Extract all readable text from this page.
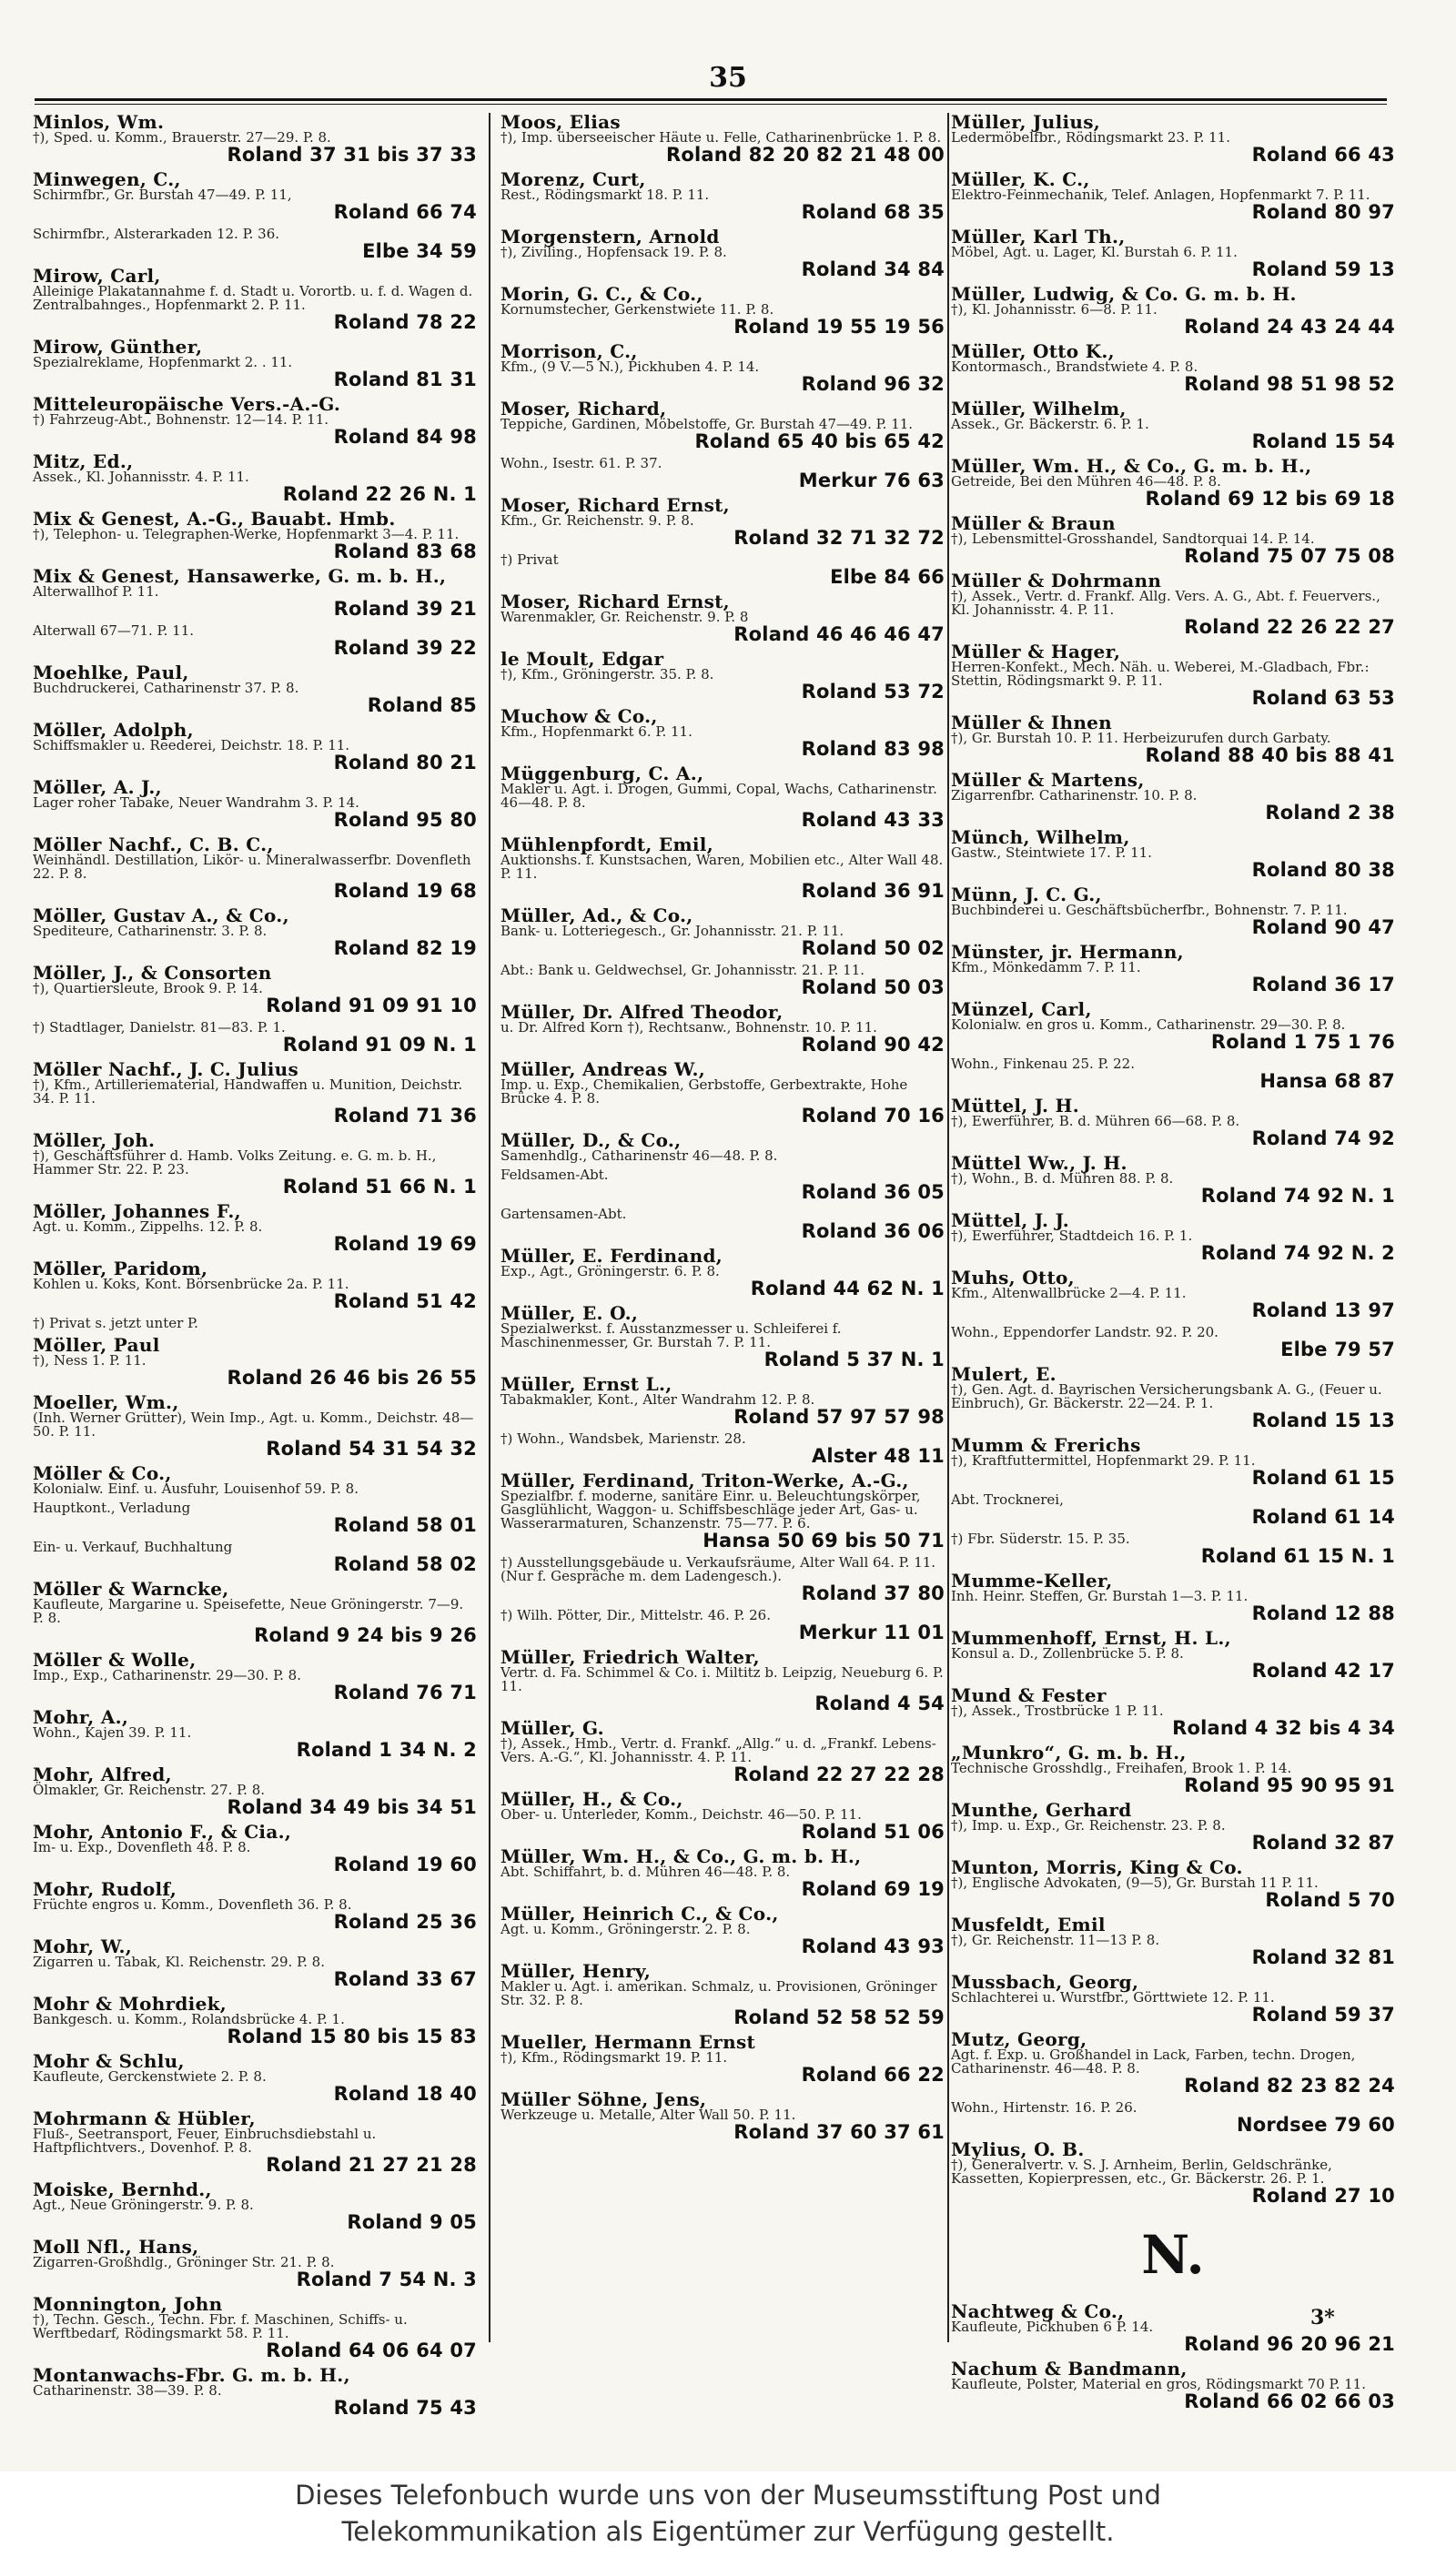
35
Minlos, Wm.
†), Sped. u. Komm., Brauerstr. 27—29. P. 8.
Roland 37 31 bis 37 33
Minwegen, C.,
Schirmfbr., Gr. Burstah 47—49. P. 11,
Roland 66 74
Schirmfbr., Alsterarkaden 12. P. 36.
Elbe 34 59
Mirow, Carl,
Alleinige Plakatannahme f. d. Stadt u. Vorortb. u. f. d. Wagen d. Zentralbahnges., Hopfenmarkt 2. P. 11.
Roland 78 22
Mirow, Günther,
Spezialreklame, Hopfenmarkt 2. . 11.
Roland 81 31
Mitteleuropäische Vers.-A.-G.
†) Fahrzeug-Abt., Bohnenstr. 12—14. P. 11.
Roland 84 98
Mitz, Ed.,
Assek., Kl. Johannisstr. 4. P. 11.
Roland 22 26 N. 1
Mix & Genest, A.-G., Bauabt. Hmb.
†), Telephon- u. Telegraphen-Werke, Hopfenmarkt 3—4. P. 11.
Roland 83 68
Mix & Genest, Hansawerke, G. m. b. H.,
Alterwallhof P. 11.
Roland 39 21
Alterwall 67—71. P. 11.
Roland 39 22
Moehlke, Paul,
Buchdruckerei, Catharinenstr 37. P. 8.
Roland 85
Möller, Adolph,
Schiffsmakler u. Reederei, Deichstr. 18. P. 11.
Roland 80 21
Möller, A. J.,
Lager roher Tabake, Neuer Wandrahm 3. P. 14.
Roland 95 80
Möller Nachf., C. B. C.,
Weinhändl. Destillation, Likör- u. Mineralwasserfbr. Dovenfleth 22. P. 8.
Roland 19 68
Möller, Gustav A., & Co.,
Spediteure, Catharinenstr. 3. P. 8.
Roland 82 19
Möller, J., & Consorten
†), Quartiersleute, Brook 9. P. 14.
Roland 91 09 91 10
†) Stadtlager, Danielstr. 81—83. P. 1.
Roland 91 09 N. 1
Möller Nachf., J. C. Julius
†), Kfm., Artilleriematerial, Handwaffen u. Munition, Deichstr. 34. P. 11.
Roland 71 36
Möller, Joh.
†), Geschäftsführer d. Hamb. Volks Zeitung. e. G. m. b. H., Hammer Str. 22. P. 23.
Roland 51 66 N. 1
Möller, Johannes F.,
Agt. u. Komm., Zippelhs. 12. P. 8.
Roland 19 69
Möller, Paridom,
Kohlen u. Koks, Kont. Börsenbrücke 2a. P. 11.
Roland 51 42
†) Privat s. jetzt unter P.
Möller, Paul
†), Ness 1. P. 11.
Roland 26 46 bis 26 55
Moeller, Wm.,
(Inh. Werner Grütter), Wein Imp., Agt. u. Komm., Deichstr. 48—50. P. 11.
Roland 54 31 54 32
Möller & Co.,
Kolonialw. Einf. u. Ausfuhr, Louisenhof 59. P. 8.
Hauptkont., Verladung
Roland 58 01
Ein- u. Verkauf, Buchhaltung
Roland 58 02
Möller & Warncke,
Kaufleute, Margarine u. Speisefette, Neue Gröningerstr. 7—9. P. 8.
Roland 9 24 bis 9 26
Möller & Wolle,
Imp., Exp., Catharinenstr. 29—30. P. 8.
Roland 76 71
Mohr, A.,
Wohn., Kajen 39. P. 11.
Roland 1 34 N. 2
Mohr, Alfred,
Ölmakler, Gr. Reichenstr. 27. P. 8.
Roland 34 49 bis 34 51
Mohr, Antonio F., & Cia.,
Im- u. Exp., Dovenfleth 48. P. 8.
Roland 19 60
Mohr, Rudolf,
Früchte engros u. Komm., Dovenfleth 36. P. 8.
Roland 25 36
Mohr, W.,
Zigarren u. Tabak, Kl. Reichenstr. 29. P. 8.
Roland 33 67
Mohr & Mohrdiek,
Bankgesch. u. Komm., Rolandsbrücke 4. P. 1.
Roland 15 80 bis 15 83
Mohr & Schlu,
Kaufleute, Gerckenstwiete 2. P. 8.
Roland 18 40
Mohrmann & Hübler,
Fluß-, Seetransport, Feuer, Einbruchsdiebstahl u. Haftpflichtvers., Dovenhof. P. 8.
Roland 21 27 21 28
Moiske, Bernhd.,
Agt., Neue Gröningerstr. 9. P. 8.
Roland 9 05
Moll Nfl., Hans,
Zigarren-Großhdlg., Gröninger Str. 21. P. 8.
Roland 7 54 N. 3
Monnington, John
†), Techn. Gesch., Techn. Fbr. f. Maschinen, Schiffs- u. Werftbedarf, Rödingsmarkt 58. P. 11.
Roland 64 06 64 07
Montanwachs-Fbr. G. m. b. H.,
Catharinenstr. 38—39. P. 8.
Roland 75 43
Moos, Elias
†), Imp. überseeischer Häute u. Felle, Catharinenbrücke 1. P. 8.
Roland 82 20 82 21 48 00
Morenz, Curt,
Rest., Rödingsmarkt 18. P. 11.
Roland 68 35
Morgenstern, Arnold
†), Ziviling., Hopfensack 19. P. 8.
Roland 34 84
Morin, G. C., & Co.,
Kornumstecher, Gerkenstwiete 11. P. 8.
Roland 19 55 19 56
Morrison, C.,
Kfm., (9 V.—5 N.), Pickhuben 4. P. 14.
Roland 96 32
Moser, Richard,
Teppiche, Gardinen, Möbelstoffe, Gr. Burstah 47—49. P. 11.
Roland 65 40 bis 65 42
Wohn., Isestr. 61. P. 37.
Merkur 76 63
Moser, Richard Ernst,
Kfm., Gr. Reichenstr. 9. P. 8.
Roland 32 71 32 72
†) Privat
Elbe 84 66
Moser, Richard Ernst,
Warenmakler, Gr. Reichenstr. 9. P. 8
Roland 46 46 46 47
le Moult, Edgar
†), Kfm., Gröningerstr. 35. P. 8.
Roland 53 72
Muchow & Co.,
Kfm., Hopfenmarkt 6. P. 11.
Roland 83 98
Müggenburg, C. A.,
Makler u. Agt. i. Drogen, Gummi, Copal, Wachs, Catharinenstr. 46—48. P. 8.
Roland 43 33
Mühlenpfordt, Emil,
Auktionshs. f. Kunstsachen, Waren, Mobilien etc., Alter Wall 48. P. 11.
Roland 36 91
Müller, Ad., & Co.,
Bank- u. Lotteriegesch., Gr. Johannisstr. 21. P. 11.
Roland 50 02
Abt.: Bank u. Geldwechsel, Gr. Johannisstr. 21. P. 11.
Roland 50 03
Müller, Dr. Alfred Theodor,
u. Dr. Alfred Korn †), Rechtsanw., Bohnenstr. 10. P. 11.
Roland 90 42
Müller, Andreas W.,
Imp. u. Exp., Chemikalien, Gerbstoffe, Gerbextrakte, Hohe Brücke 4. P. 8.
Roland 70 16
Müller, D., & Co.,
Samenhdlg., Catharinenstr 46—48. P. 8.
Feldsamen-Abt.
Roland 36 05
Gartensamen-Abt.
Roland 36 06
Müller, E. Ferdinand,
Exp., Agt., Gröningerstr. 6. P. 8.
Roland 44 62 N. 1
Müller, E. O.,
Spezialwerkst. f. Ausstanzmesser u. Schleiferei f. Maschinenmesser, Gr. Burstah 7. P. 11.
Roland 5 37 N. 1
Müller, Ernst L.,
Tabakmakler, Kont., Alter Wandrahm 12. P. 8.
Roland 57 97 57 98
†) Wohn., Wandsbek, Marienstr. 28.
Alster 48 11
Müller, Ferdinand, Triton-Werke, A.-G.,
Spezialfbr. f. moderne, sanitäre Einr. u. Beleuchtungskörper, Gasglühlicht, Waggon- u. Schiffsbeschläge jeder Art, Gas- u. Wasserarmaturen, Schanzenstr. 75—77. P. 6.
Hansa 50 69 bis 50 71
†) Ausstellungsgebäude u. Verkaufsräume, Alter Wall 64. P. 11. (Nur f. Gespräche m. dem Ladengesch.).
Roland 37 80
†) Wilh. Pötter, Dir., Mittelstr. 46. P. 26.
Merkur 11 01
Müller, Friedrich Walter,
Vertr. d. Fa. Schimmel & Co. i. Miltitz b. Leipzig, Neueburg 6. P. 11.
Roland 4 54
Müller, G.
†), Assek., Hmb., Vertr. d. Frankf. „Allg.“ u. d. „Frankf. Lebens-Vers. A.-G.“, Kl. Johannisstr. 4. P. 11.
Roland 22 27 22 28
Müller, H., & Co.,
Ober- u. Unterleder, Komm., Deichstr. 46—50. P. 11.
Roland 51 06
Müller, Wm. H., & Co., G. m. b. H.,
Abt. Schiffahrt, b. d. Mühren 46—48. P. 8.
Roland 69 19
Müller, Heinrich C., & Co.,
Agt. u. Komm., Gröningerstr. 2. P. 8.
Roland 43 93
Müller, Henry,
Makler u. Agt. i. amerikan. Schmalz, u. Provisionen, Gröninger Str. 32. P. 8.
Roland 52 58 52 59
Mueller, Hermann Ernst
†), Kfm., Rödingsmarkt 19. P. 11.
Roland 66 22
Müller Söhne, Jens,
Werkzeuge u. Metalle, Alter Wall 50. P. 11.
Roland 37 60 37 61
Müller, Julius,
Ledermöbelfbr., Rödingsmarkt 23. P. 11.
Roland 66 43
Müller, K. C.,
Elektro-Feinmechanik, Telef. Anlagen, Hopfenmarkt 7. P. 11.
Roland 80 97
Müller, Karl Th.,
Möbel, Agt. u. Lager, Kl. Burstah 6. P. 11.
Roland 59 13
Müller, Ludwig, & Co. G. m. b. H.
†), Kl. Johannisstr. 6—8. P. 11.
Roland 24 43 24 44
Müller, Otto K.,
Kontormasch., Brandstwiete 4. P. 8.
Roland 98 51 98 52
Müller, Wilhelm,
Assek., Gr. Bäckerstr. 6. P. 1.
Roland 15 54
Müller, Wm. H., & Co., G. m. b. H.,
Getreide, Bei den Mühren 46—48. P. 8.
Roland 69 12 bis 69 18
Müller & Braun
†), Lebensmittel-Grosshandel, Sandtorquai 14. P. 14.
Roland 75 07 75 08
Müller & Dohrmann
†), Assek., Vertr. d. Frankf. Allg. Vers. A. G., Abt. f. Feuervers., Kl. Johannisstr. 4. P. 11.
Roland 22 26 22 27
Müller & Hager,
Herren-Konfekt., Mech. Näh. u. Weberei, M.-Gladbach, Fbr.: Stettin, Rödingsmarkt 9. P. 11.
Roland 63 53
Müller & Ihnen
†), Gr. Burstah 10. P. 11. Herbeizurufen durch Garbaty.
Roland 88 40 bis 88 41
Müller & Martens,
Zigarrenfbr. Catharinenstr. 10. P. 8.
Roland 2 38
Münch, Wilhelm,
Gastw., Steintwiete 17. P. 11.
Roland 80 38
Münn, J. C. G.,
Buchbinderei u. Geschäftsbücherfbr., Bohnenstr. 7. P. 11.
Roland 90 47
Münster, jr. Hermann,
Kfm., Mönkedamm 7. P. 11.
Roland 36 17
Münzel, Carl,
Kolonialw. en gros u. Komm., Catharinenstr. 29—30. P. 8.
Roland 1 75 1 76
Wohn., Finkenau 25. P. 22.
Hansa 68 87
Müttel, J. H.
†), Ewerführer, B. d. Mühren 66—68. P. 8.
Roland 74 92
Müttel Ww., J. H.
†), Wohn., B. d. Mühren 88. P. 8.
Roland 74 92 N. 1
Müttel, J. J.
†), Ewerführer, Stadtdeich 16. P. 1.
Roland 74 92 N. 2
Muhs, Otto,
Kfm., Altenwallbrücke 2—4. P. 11.
Roland 13 97
Wohn., Eppendorfer Landstr. 92. P. 20.
Elbe 79 57
Mulert, E.
†), Gen. Agt. d. Bayrischen Versicherungsbank A. G., (Feuer u. Einbruch), Gr. Bäckerstr. 22—24. P. 1.
Roland 15 13
Mumm & Frerichs
†), Kraftfuttermittel, Hopfenmarkt 29. P. 11.
Roland 61 15
Abt. Trocknerei,
Roland 61 14
†) Fbr. Süderstr. 15. P. 35.
Roland 61 15 N. 1
Mumme-Keller,
Inh. Heinr. Steffen, Gr. Burstah 1—3. P. 11.
Roland 12 88
Mummenhoff, Ernst, H. L.,
Konsul a. D., Zollenbrücke 5. P. 8.
Roland 42 17
Mund & Fester
†), Assek., Trostbrücke 1 P. 11.
Roland 4 32 bis 4 34
„Munkro“, G. m. b. H.,
Technische Grosshdlg., Freihafen, Brook 1. P. 14.
Roland 95 90 95 91
Munthe, Gerhard
†), Imp. u. Exp., Gr. Reichenstr. 23. P. 8.
Roland 32 87
Munton, Morris, King & Co.
†), Englische Advokaten, (9—5), Gr. Burstah 11 P. 11.
Roland 5 70
Musfeldt, Emil
†), Gr. Reichenstr. 11—13 P. 8.
Roland 32 81
Mussbach, Georg,
Schlachterei u. Wurstfbr., Görttwiete 12. P. 11.
Roland 59 37
Mutz, Georg,
Agt. f. Exp. u. Großhandel in Lack, Farben, techn. Drogen, Catharinenstr. 46—48. P. 8.
Roland 82 23 82 24
Wohn., Hirtenstr. 16. P. 26.
Nordsee 79 60
Mylius, O. B.
†), Generalvertr. v. S. J. Arnheim, Berlin, Geldschränke, Kassetten, Kopierpressen, etc., Gr. Bäckerstr. 26. P. 1.
Roland 27 10
N.
Nachtweg & Co.,
Kaufleute, Pickhuben 6 P. 14.
Roland 96 20 96 21
Nachum & Bandmann,
Kaufleute, Polster, Material en gros, Rödingsmarkt 70 P. 11.
Roland 66 02 66 03
3*
Dieses Telefonbuch wurde uns von der Museumsstiftung Post und
Telekommunikation als Eigentümer zur Verfügung gestellt.
